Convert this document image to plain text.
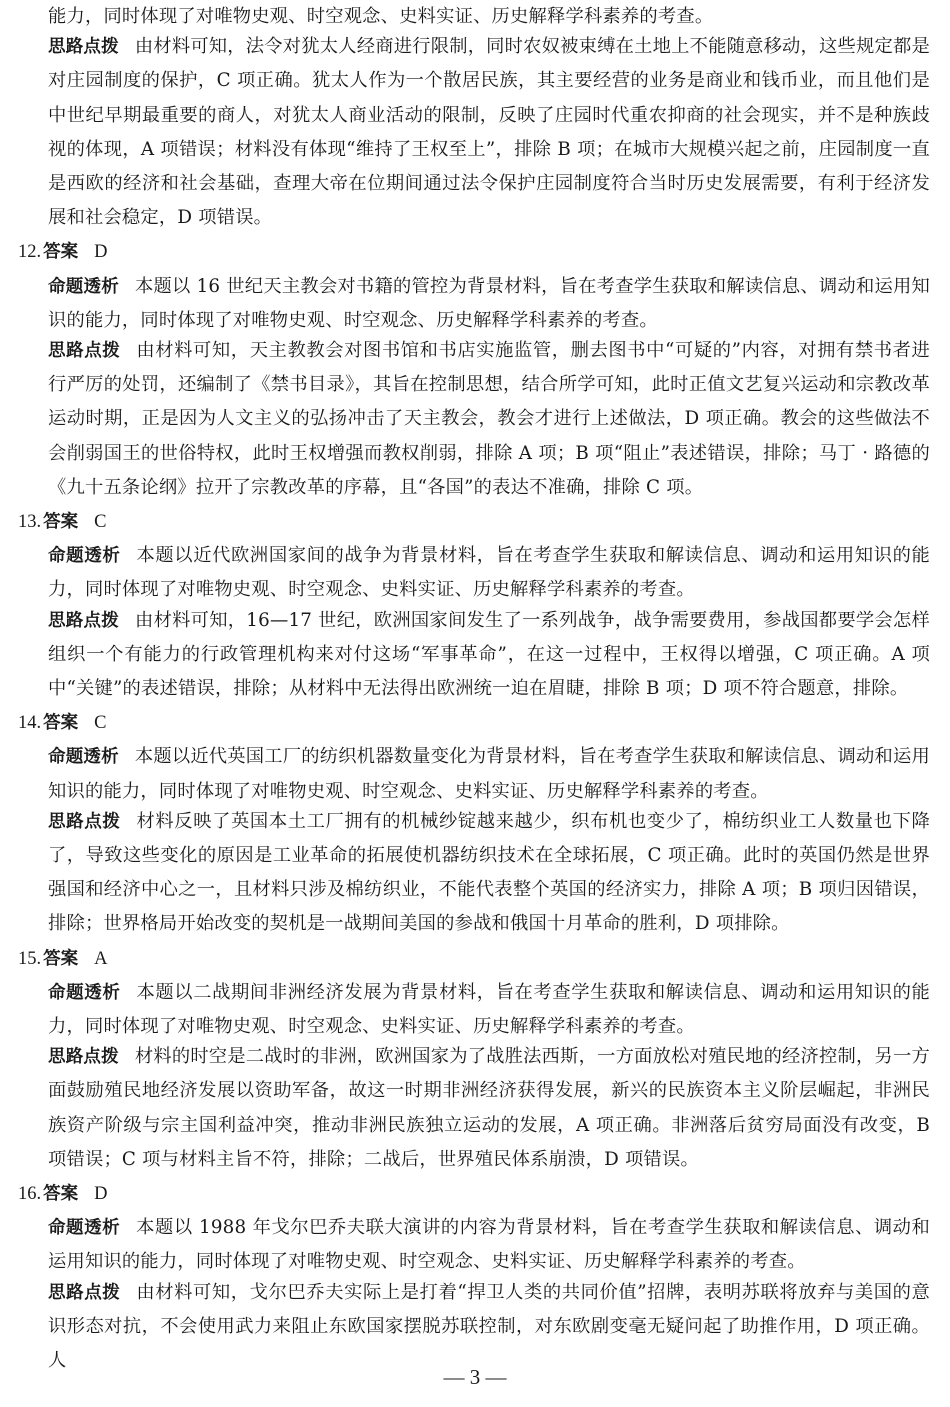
能力，同时体现了对唯物史观、时空观念、史料实证、历史解释学科素养的考查。

思路点拨 由材料可知，法令对犹太人经商进行限制，同时农奴被束缚在土地上不能随意移动，这些规定都是对庄园制度的保护，C 项正确。犹太人作为一个散居民族，其主要经营的业务是商业和钱币业，而且他们是中世纪早期最重要的商人，对犹太人商业活动的限制，反映了庄园时代重农抑商的社会现实，并不是种族歧视的体现，A 项错误；材料没有体现“维持了王权至上”，排除 B 项；在城市大规模兴起之前，庄园制度一直是西欧的经济和社会基础，查理大帝在位期间通过法令保护庄园制度符合当时历史发展需要，有利于经济发展和社会稳定，D 项错误。

12. 答案 D

命题透析 本题以 16 世纪天主教会对书籍的管控为背景材料，旨在考查学生获取和解读信息、调动和运用知识的能力，同时体现了对唯物史观、时空观念、历史解释学科素养的考查。

思路点拨 由材料可知，天主教教会对图书馆和书店实施监管，删去图书中“可疑的”内容，对拥有禁书者进行严厉的处罚，还编制了《禁书目录》，其旨在控制思想，结合所学可知，此时正值文艺复兴运动和宗教改革运动时期，正是因为人文主义的弘扬冲击了天主教会，教会才进行上述做法，D 项正确。教会的这些做法不会削弱国王的世俗特权，此时王权增强而教权削弱，排除 A 项；B 项“阻止”表述错误，排除；马丁 · 路德的《九十五条论纲》拉开了宗教改革的序幕，且“各国”的表达不准确，排除 C 项。

13. 答案 C

命题透析 本题以近代欧洲国家间的战争为背景材料，旨在考查学生获取和解读信息、调动和运用知识的能力，同时体现了对唯物史观、时空观念、史料实证、历史解释学科素养的考查。

思路点拨 由材料可知，16—17 世纪，欧洲国家间发生了一系列战争，战争需要费用，参战国都要学会怎样组织一个有能力的行政管理机构来对付这场“军事革命”，在这一过程中，王权得以增强，C 项正确。A 项中“关键”的表述错误，排除；从材料中无法得出欧洲统一迫在眉睫，排除 B 项；D 项不符合题意，排除。

14. 答案 C

命题透析 本题以近代英国工厂的纺织机器数量变化为背景材料，旨在考查学生获取和解读信息、调动和运用知识的能力，同时体现了对唯物史观、时空观念、史料实证、历史解释学科素养的考查。

思路点拨 材料反映了英国本土工厂拥有的机械纱锭越来越少，织布机也变少了，棉纺织业工人数量也下降了，导致这些变化的原因是工业革命的拓展使机器纺织技术在全球拓展，C 项正确。此时的英国仍然是世界强国和经济中心之一，且材料只涉及棉纺织业，不能代表整个英国的经济实力，排除 A 项；B 项归因错误，排除；世界格局开始改变的契机是一战期间美国的参战和俄国十月革命的胜利，D 项排除。

15. 答案 A

命题透析 本题以二战期间非洲经济发展为背景材料，旨在考查学生获取和解读信息、调动和运用知识的能力，同时体现了对唯物史观、时空观念、史料实证、历史解释学科素养的考查。

思路点拨 材料的时空是二战时的非洲，欧洲国家为了战胜法西斯，一方面放松对殖民地的经济控制，另一方面鼓励殖民地经济发展以资助军备，故这一时期非洲经济获得发展，新兴的民族资本主义阶层崛起，非洲民族资产阶级与宗主国利益冲突，推动非洲民族独立运动的发展，A 项正确。非洲落后贫穷局面没有改变，B 项错误；C 项与材料主旨不符，排除；二战后，世界殖民体系崩溃，D 项错误。

16. 答案 D

命题透析 本题以 1988 年戈尔巴乔夫联大演讲的内容为背景材料，旨在考查学生获取和解读信息、调动和运用知识的能力，同时体现了对唯物史观、时空观念、史料实证、历史解释学科素养的考查。

思路点拨 由材料可知，戈尔巴乔夫实际上是打着“捍卫人类的共同价值”招牌，表明苏联将放弃与美国的意识形态对抗，不会使用武力来阻止东欧国家摆脱苏联控制，对东欧剧变毫无疑问起了助推作用，D 项正确。人

— 3 —
